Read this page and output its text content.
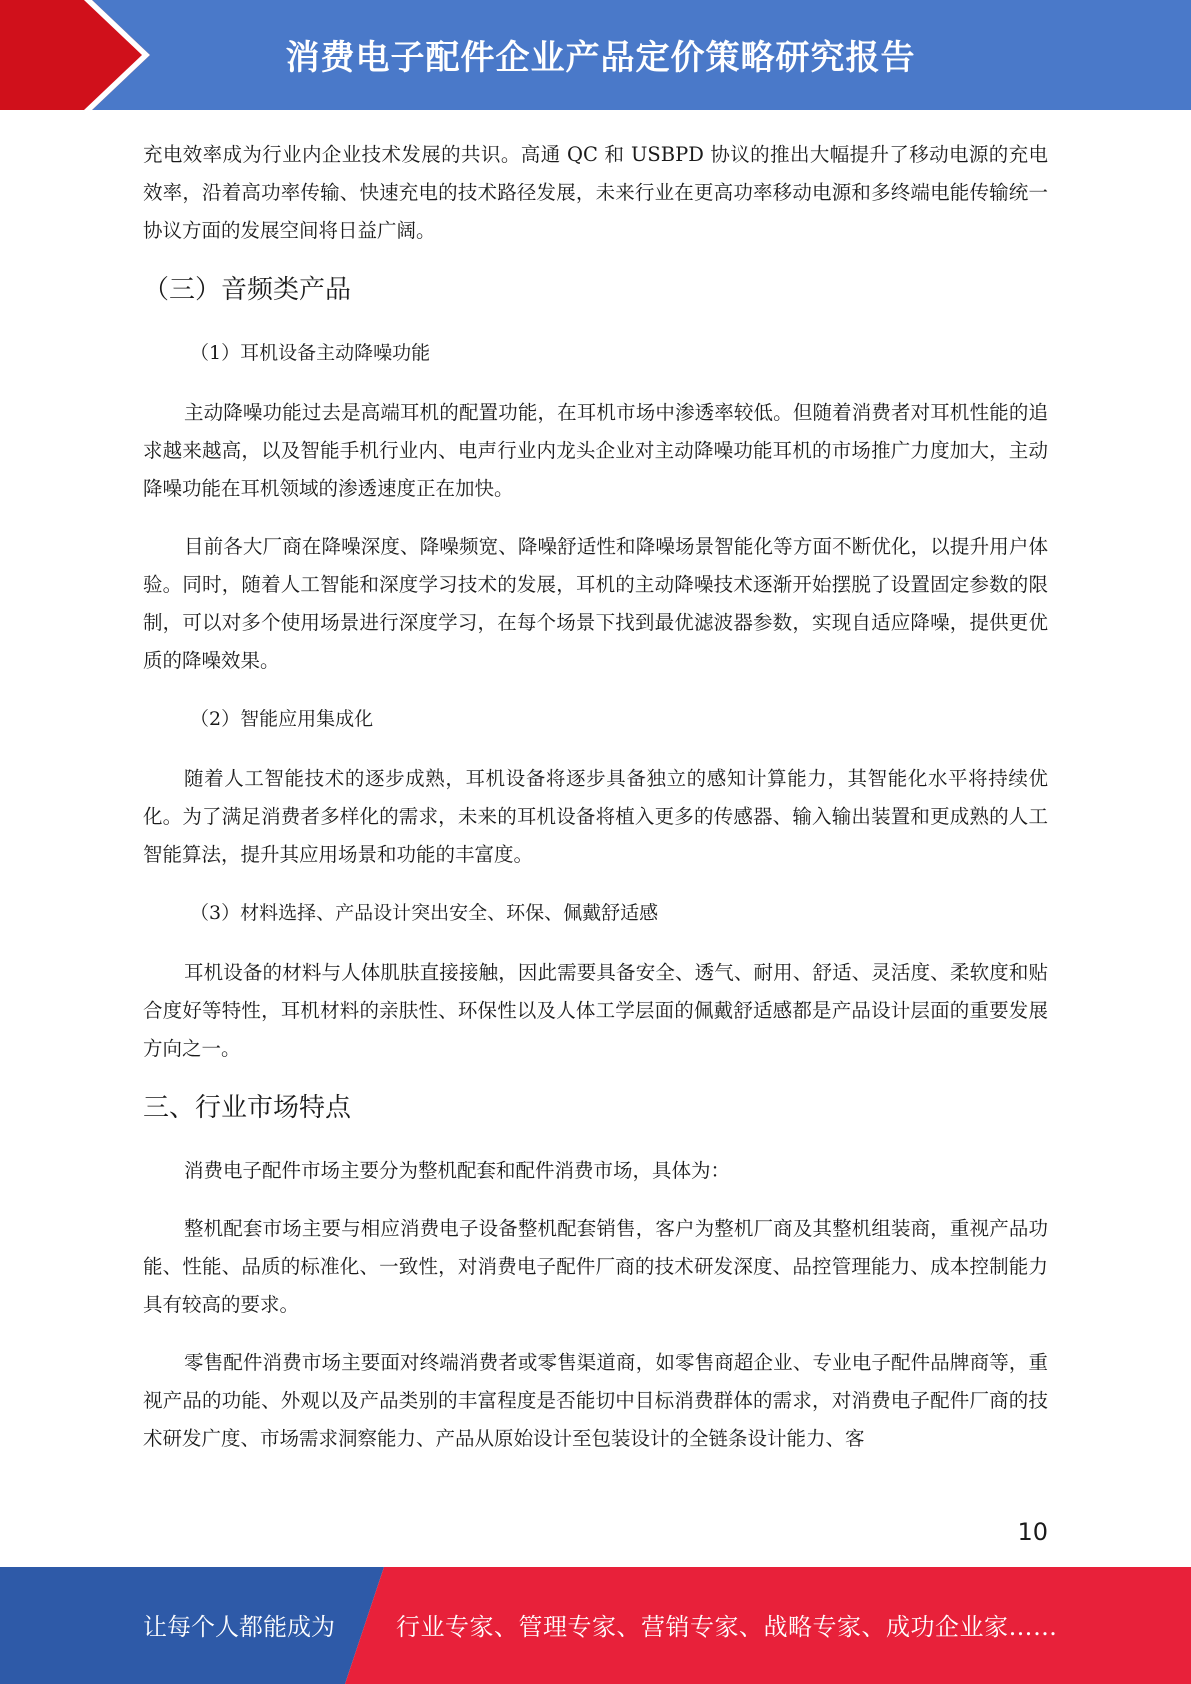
消费电子配件企业产品定价策略研究报告

充电效率成为行业内企业技术发展的共识。高通 QC 和 USBPD 协议的推出大幅提升了移动电源的充电效率，沿着高功率传输、快速充电的技术路径发展，未来行业在更高功率移动电源和多终端电能传输统一协议方面的发展空间将日益广阔。

（三）音频类产品
（1）耳机设备主动降噪功能

主动降噪功能过去是高端耳机的配置功能，在耳机市场中渗透率较低。但随着消费者对耳机性能的追求越来越高，以及智能手机行业内、电声行业内龙头企业对主动降噪功能耳机的市场推广力度加大，主动降噪功能在耳机领域的渗透速度正在加快。

目前各大厂商在降噪深度、降噪频宽、降噪舒适性和降噪场景智能化等方面不断优化，以提升用户体验。同时，随着人工智能和深度学习技术的发展，耳机的主动降噪技术逐渐开始摆脱了设置固定参数的限制，可以对多个使用场景进行深度学习，在每个场景下找到最优滤波器参数，实现自适应降噪，提供更优质的降噪效果。

（2）智能应用集成化

随着人工智能技术的逐步成熟，耳机设备将逐步具备独立的感知计算能力，其智能化水平将持续优化。为了满足消费者多样化的需求，未来的耳机设备将植入更多的传感器、输入输出装置和更成熟的人工智能算法，提升其应用场景和功能的丰富度。

（3）材料选择、产品设计突出安全、环保、佩戴舒适感

耳机设备的材料与人体肌肤直接接触，因此需要具备安全、透气、耐用、舒适、灵活度、柔软度和贴合度好等特性，耳机材料的亲肤性、环保性以及人体工学层面的佩戴舒适感都是产品设计层面的重要发展方向之一。

三、行业市场特点

消费电子配件市场主要分为整机配套和配件消费市场，具体为：

整机配套市场主要与相应消费电子设备整机配套销售，客户为整机厂商及其整机组装商，重视产品功能、性能、品质的标准化、一致性，对消费电子配件厂商的技术研发深度、品控管理能力、成本控制能力具有较高的要求。

零售配件消费市场主要面对终端消费者或零售渠道商，如零售商超企业、专业电子配件品牌商等，重视产品的功能、外观以及产品类别的丰富程度是否能切中目标消费群体的需求，对消费电子配件厂商的技术研发广度、市场需求洞察能力、产品从原始设计至包装设计的全链条设计能力、客

10
让每个人都能成为	行业专家、管理专家、营销专家、战略专家、成功企业家……
